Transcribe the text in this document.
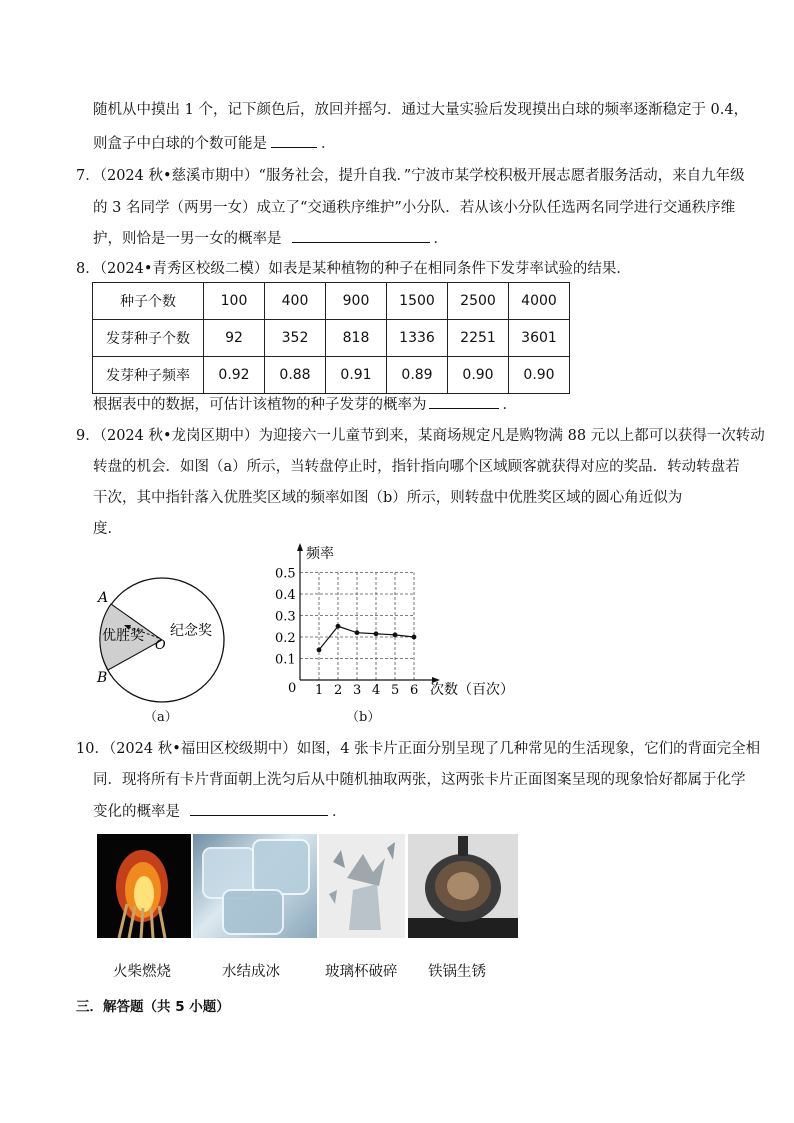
随机从中摸出 1 个，记下颜色后，放回并摇匀．通过大量实验后发现摸出白球的频率逐渐稳定于 0.4，
则盒子中白球的个数可能是	．
7．（2024 秋•慈溪市期中）“服务社会，提升自我．”宁波市某学校积极开展志愿者服务活动，来自九年级
的 3 名同学（两男一女）成立了“交通秩序维护”小分队．若从该小分队任选两名同学进行交通秩序维
护，则恰是一男一女的概率是	．
8．（2024•青秀区校级二模）如表是某种植物的种子在相同条件下发芽率试验的结果．
种子个数	100	400	900	1500	2500	4000
发芽种子个数	92	352	818	1336	2251	3601
发芽种子频率	0.92	0.88	0.91	0.89	0.90	0.90
根据表中的数据，可估计该植物的种子发芽的概率为	．
9．（2024 秋•龙岗区期中）为迎接六一儿童节到来，某商场规定凡是购物满 88 元以上都可以获得一次转动
转盘的机会．如图（a）所示，当转盘停止时，指针指向哪个区域顾客就获得对应的奖品．转动转盘若
干次，其中指针落入优胜奖区域的频率如图（b）所示，则转盘中优胜奖区域的圆心角近似为
度．
A
B
O
优胜奖 纪念奖
（a）
频率
次数（百次）
0
0.1
0.2
0.3
0.4
0.5
1 2 3 4 5 6
（b）
10．（2024 秋•福田区校级期中）如图，4 张卡片正面分别呈现了几种常见的生活现象，它们的背面完全相
同．现将所有卡片背面朝上洗匀后从中随机抽取两张，这两张卡片正面图案呈现的现象恰好都属于化学
变化的概率是	．
火柴燃烧	水结成冰	玻璃杯破碎 铁锅生锈
三．解答题（共 5 小题）
